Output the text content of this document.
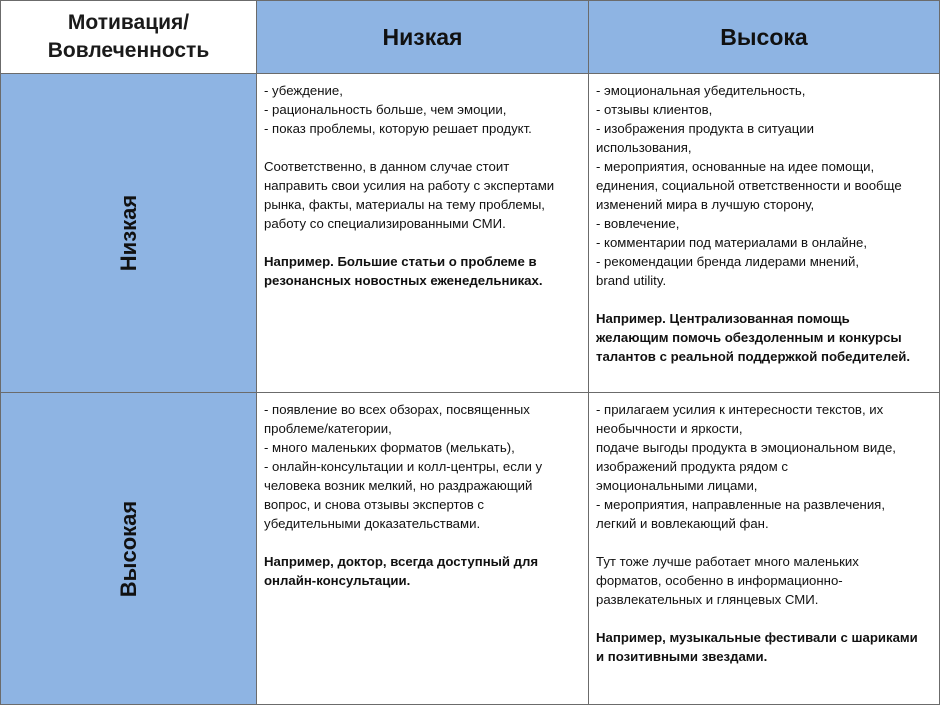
Мотивация/
Вовлеченность
Низкая	Высока
Низкая
- убеждение,
- рациональность больше, чем эмоции,
- показ проблемы, которую решает продукт.
Соответственно, в данном случае стоит
направить свои усилия на работу с экспертами
рынка, факты, материалы на тему проблемы,
работу со специализированными СМИ.
Например. Большие статьи о проблеме в
резонансных новостных еженедельниках.
- эмоциональная убедительность,
- отзывы клиентов,
- изображения продукта в ситуации
использования,
- мероприятия, основанные на идее помощи,
единения, социальной ответственности и вообще
изменений мира в лучшую сторону,
- вовлечение,
- комментарии под материалами в онлайне,
- рекомендации бренда лидерами мнений,
brand utility.
Например. Централизованная помощь
желающим помочь обездоленным и конкурсы
талантов с реальной поддержкой победителей.
Высокая
- появление во всех обзорах, посвященных
проблеме/категории,
- много маленьких форматов (мелькать),
- онлайн-консультации и колл-центры, если у
человека возник мелкий, но раздражающий
вопрос, и снова отзывы экспертов с
убедительными доказательствами.
Например, доктор, всегда доступный для
онлайн-консультации.
- прилагаем усилия к интересности текстов, их
необычности и яркости,
подаче выгоды продукта в эмоциональном виде,
изображений продукта рядом с
эмоциональными лицами,
- мероприятия, направленные на развлечения,
легкий и вовлекающий фан.
Тут тоже лучше работает много маленьких
форматов, особенно в информационно-
развлекательных и глянцевых СМИ.
Например, музыкальные фестивали с шариками
и позитивными звездами.
